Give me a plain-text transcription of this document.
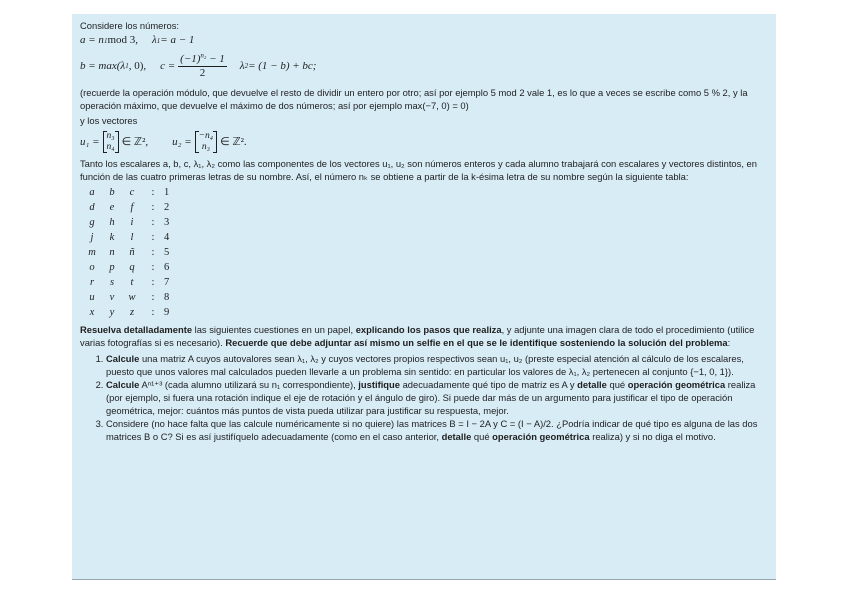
Considere los números:

a = n 1 mod 3, λ 1 = a − 1
b = max(λ 1 , 0), $c = \frac{(-1)^{n_2} - 1}{2}$ λ 2 = (1 − b) + bc;

(recuerde la operación módulo, que devuelve el resto de dividir un entero por otro; así por ejemplo 5 mod 2 vale 1, es lo que a veces se escribe como 5 % 2, y la operación máximo, que devuelve el máximo de dos números; así por ejemplo max(−7, 0) = 0)

y los vectores

u₁ = n₃
n₄ ∈ ℤ², u₂ = −n₄
n₃ ∈ ℤ².

Tanto los escalares a, b, c, λ₁, λ₂ como las componentes de los vectores u₁, u₂ son números enteros y cada alumno trabajará con escalares y vectores distintos, en función de las cuatro primeras letras de su nombre. Así, el número nₖ se obtiene a partir de la k-ésima letra de su nombre según la siguiente tabla:

a	b	c	:	1
d	e	f	:	2
g	h	i	:	3
j	k	l	:	4
m	n	ñ	:	5
o	p	q	:	6
r	s	t	:	7
u	v	w	:	8
x	y	z	:	9

Resuelva detalladamente las siguientes cuestiones en un papel, explicando los pasos que realiza, y adjunte una imagen clara de todo el procedimiento (utilice varias fotografías si es necesario). Recuerde que debe adjuntar así mismo un selfie en el que se le identifique sosteniendo la solución del problema:

1. Calcule una matriz A cuyos autovalores sean λ₁, λ₂ y cuyos vectores propios respectivos sean u₁, u₂ (preste especial atención al cálculo de los escalares, puesto que unos valores mal calculados pueden llevarle a un problema sin sentido: en particular los valores de λ₁, λ₂ pertenecen al conjunto {−1, 0, 1}).
2. Calcule Aⁿ¹⁺³ (cada alumno utilizará su n₁ correspondiente), justifique adecuadamente qué tipo de matriz es A y detalle qué operación geométrica realiza (por ejemplo, si fuera una rotación indique el eje de rotación y el ángulo de giro). Si puede dar más de un argumento para justificar el tipo de operación geométrica, mejor: cuántos más puntos de vista pueda utilizar para justificar su respuesta, mejor.
3. Considere (no hace falta que las calcule numéricamente si no quiere) las matrices B = I − 2A y C = (I − A)/2. ¿Podría indicar de qué tipo es alguna de las dos matrices B o C? Si es así justifíquelo adecuadamente (como en el caso anterior, detalle qué operación geométrica realiza) y si no diga el motivo.
